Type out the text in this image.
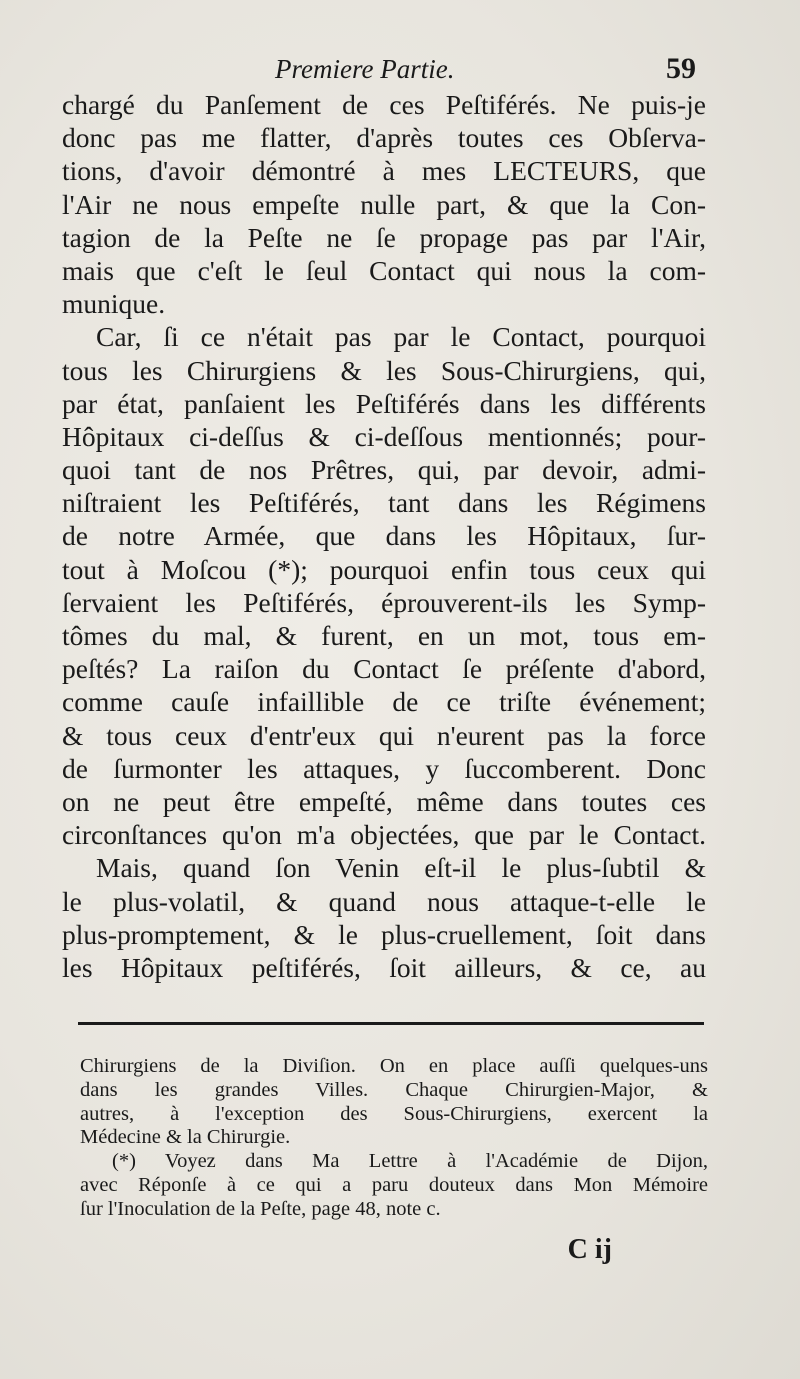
Premiere Partie.	59
chargé du Panſement de ces Peſtiférés. Ne puis-je
donc pas me flatter, d'après toutes ces Obſerva-
tions, d'avoir démontré à mes LECTEURS, que
l'Air ne nous empeſte nulle part, & que la Con-
tagion de la Peſte ne ſe propage pas par l'Air,
mais que c'eſt le ſeul Contact qui nous la com-
munique.
Car, ſi ce n'était pas par le Contact, pourquoi
tous les Chirurgiens & les Sous-Chirurgiens, qui,
par état, panſaient les Peſtiférés dans les différents
Hôpitaux ci-deſſus & ci-deſſous mentionnés; pour-
quoi tant de nos Prêtres, qui, par devoir, admi-
niſtraient les Peſtiférés, tant dans les Régimens
de notre Armée, que dans les Hôpitaux, ſur-
tout à Moſcou (*); pourquoi enfin tous ceux qui
ſervaient les Peſtiférés, éprouverent-ils les Symp-
tômes du mal, & furent, en un mot, tous em-
peſtés? La raiſon du Contact ſe préſente d'abord,
comme cauſe infaillible de ce triſte événement;
& tous ceux d'entr'eux qui n'eurent pas la force
de ſurmonter les attaques, y ſuccomberent. Donc
on ne peut être empeſté, même dans toutes ces
circonſtances qu'on m'a objectées, que par le Contact.
Mais, quand ſon Venin eſt-il le plus-ſubtil &
le plus-volatil, & quand nous attaque-t-elle le
plus-promptement, & le plus-cruellement, ſoit dans
les Hôpitaux peſtiférés, ſoit ailleurs, & ce, au
Chirurgiens de la Diviſion. On en place auſſi quelques-uns
dans les grandes Villes. Chaque Chirurgien-Major, &
autres, à l'exception des Sous-Chirurgiens, exercent la
Médecine & la Chirurgie.
(*) Voyez dans Ma Lettre à l'Académie de Dijon,
avec Réponſe à ce qui a paru douteux dans Mon Mémoire
ſur l'Inoculation de la Peſte, page 48, note c.
C ij
